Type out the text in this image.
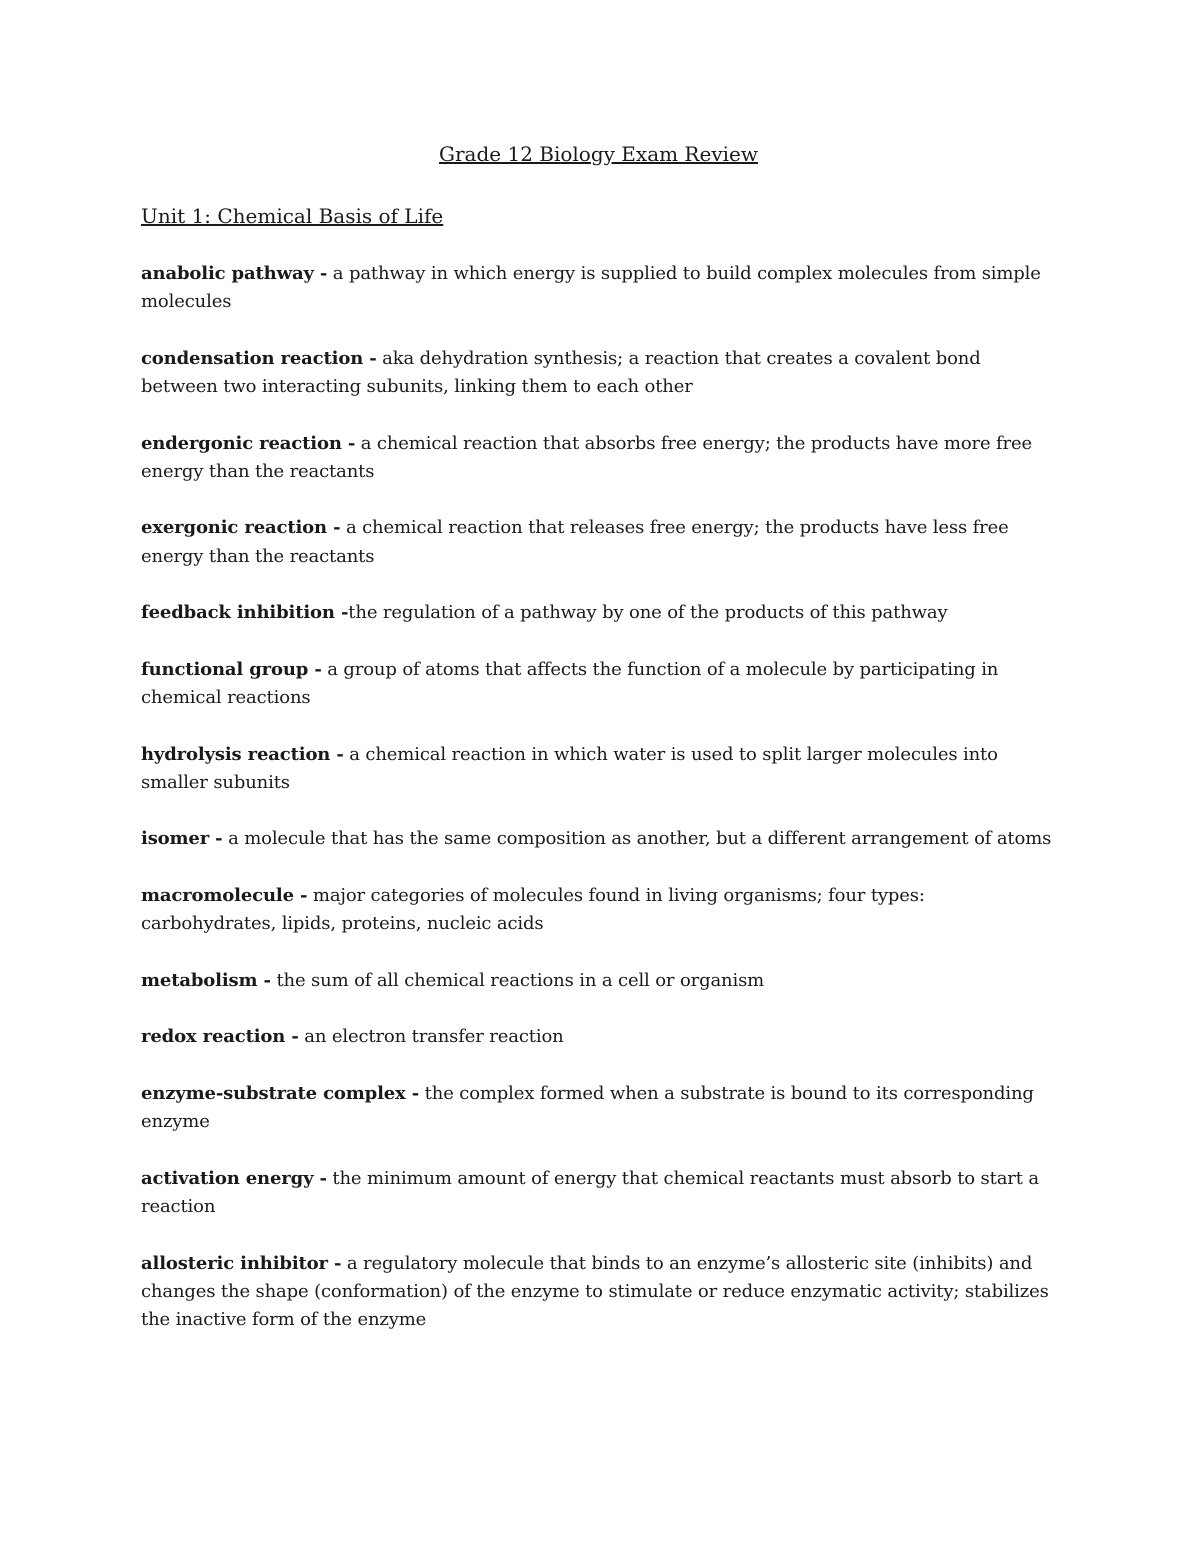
Grade 12 Biology Exam Review
Unit 1: Chemical Basis of Life

anabolic pathway - a pathway in which energy is supplied to build complex molecules from simple molecules

condensation reaction - aka dehydration synthesis; a reaction that creates a covalent bond between two interacting subunits, linking them to each other

endergonic reaction - a chemical reaction that absorbs free energy; the products have more free energy than the reactants

exergonic reaction - a chemical reaction that releases free energy; the products have less free energy than the reactants

feedback inhibition -the regulation of a pathway by one of the products of this pathway

functional group - a group of atoms that affects the function of a molecule by participating in chemical reactions

hydrolysis reaction - a chemical reaction in which water is used to split larger molecules into smaller subunits

isomer - a molecule that has the same composition as another, but a different arrangement of atoms

macromolecule - major categories of molecules found in living organisms; four types: carbohydrates, lipids, proteins, nucleic acids

metabolism - the sum of all chemical reactions in a cell or organism

redox reaction - an electron transfer reaction

enzyme-substrate complex - the complex formed when a substrate is bound to its corresponding enzyme

activation energy - the minimum amount of energy that chemical reactants must absorb to start a reaction

allosteric inhibitor - a regulatory molecule that binds to an enzyme’s allosteric site (inhibits) and changes the shape (conformation) of the enzyme to stimulate or reduce enzymatic activity; stabilizes the inactive form of the enzyme
